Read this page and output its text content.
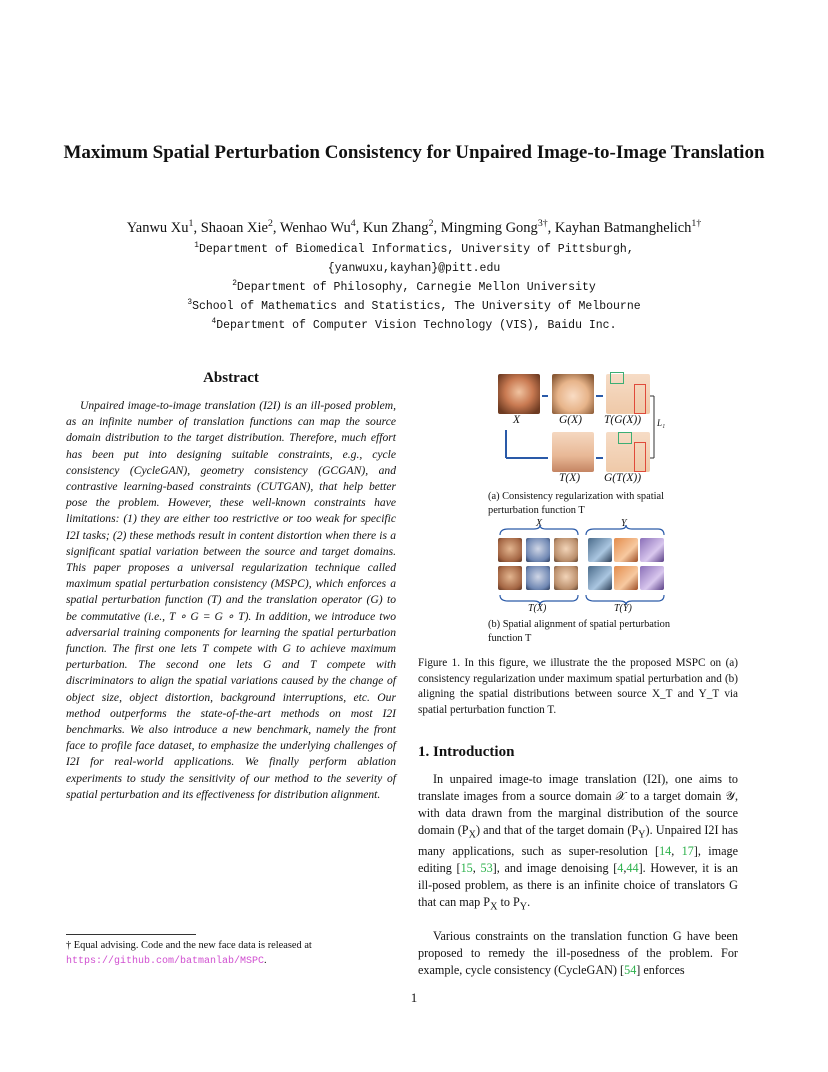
Maximum Spatial Perturbation Consistency for Unpaired Image-to-Image Translation
Yanwu Xu$^1$, Shaoan Xie$^2$, Wenhao Wu$^4$, Kun Zhang$^2$, Mingming Gong$^{3\dagger}$, Kayhan Batmanghelich$^{1\dagger}$
$^1$Department of Biomedical Informatics, University of Pittsburgh,
{yanwuxu,kayhan}@pitt.edu
$^2$Department of Philosophy, Carnegie Mellon University
$^3$School of Mathematics and Statistics, The University of Melbourne
$^4$Department of Computer Vision Technology (VIS), Baidu Inc.
Abstract

Unpaired image-to-image translation (I2I) is an ill-posed problem, as an infinite number of translation functions can map the source domain distribution to the target distribution. Therefore, much effort has been put into designing suitable constraints, e.g., cycle consistency (CycleGAN), geometry consistency (GCGAN), and contrastive learning-based constraints (CUTGAN), that help better pose the problem. However, these well-known constraints have limitations: (1) they are either too restrictive or too weak for specific I2I tasks; (2) these methods result in content distortion when there is a significant spatial variation between the source and target domains. This paper proposes a universal regularization technique called maximum spatial perturbation consistency (MSPC), which enforces a spatial perturbation function (T) and the translation operator (G) to be commutative (i.e., T ∘ G = G ∘ T). In addition, we introduce two adversarial training components for learning the spatial perturbation function. The first one lets T compete with G to achieve maximum perturbation. The second one lets G and T compete with discriminators to align the spatial variations caused by the change of object size, object distortion, background interruptions, etc. Our method outperforms the state-of-the-art methods on most I2I benchmarks. We also introduce a new benchmark, namely the front face to profile face dataset, to emphasize the underlying challenges of I2I for real-world applications. We finally perform ablation experiments to study the sensitivity of our method to the severity of spatial perturbation and its effectiveness for distribution alignment.

† Equal advising. Code and the new face data is released at https://github.com/batmanlab/MSPC.
X	G(X) T(G(X)) L₁
T(X) G(T(X))
(a) Consistency regularization with spatial perturbation function T
X	Y
T(X)	T(Y)
(b) Spatial alignment of spatial perturbation function T
Figure 1. In this figure, we illustrate the the proposed MSPC on (a) consistency regularization under maximum spatial perturbation and (b) aligning the spatial distributions between source X_T and Y_T via spatial perturbation function T.
1. Introduction

In unpaired image-to image translation (I2I), one aims to translate images from a source domain 𝒳 to a target domain 𝒴, with data drawn from the marginal distribution of the source domain $(P_X)$ and that of the target domain $(P_Y)$. Unpaired I2I has many applications, such as super-resolution [14, 17], image editing [15, 53], and image denoising [4,44]. However, it is an ill-posed problem, as there is an infinite choice of translators G that can map $P_X$ to $P_Y$.

Various constraints on the translation function G have been proposed to remedy the ill-posedness of the problem. For example, cycle consistency (CycleGAN) [54] enforces

1
